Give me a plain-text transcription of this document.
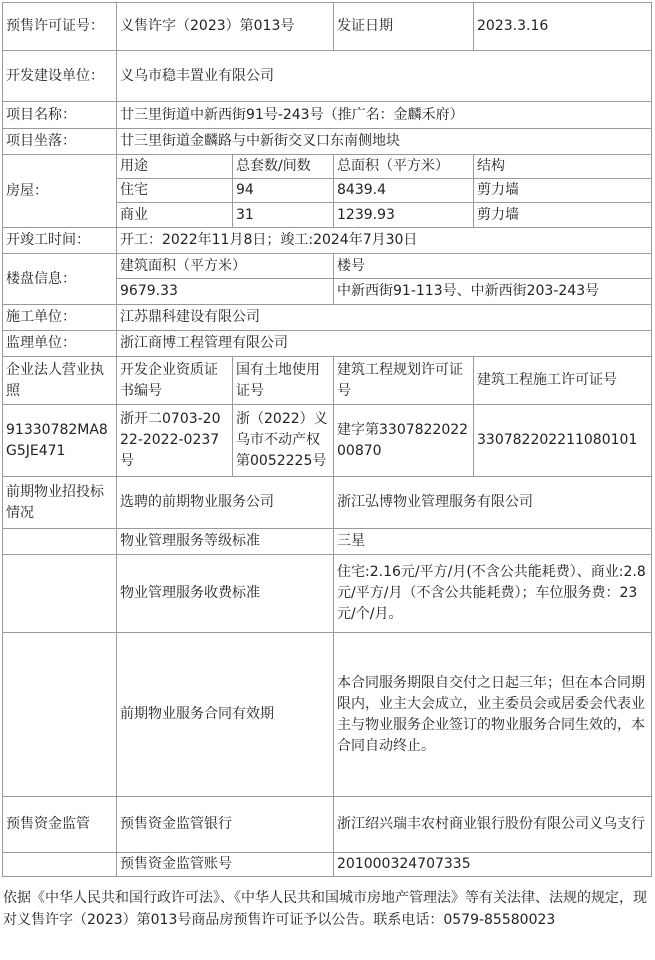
预售许可证号：	义售许字（2023）第013号		发证日期	2023.3.16
开发建设单位：	义乌市稳丰置业有限公司			
项目名称：	廿三里街道中新西街91号-243号（推广名：金麟禾府）			
项目坐落：	廿三里街道金麟路与中新街交叉口东南侧地块			
房屋：	用途	总套数/间数	总面积（平方米）	结构
	住宅	94	8439.4	剪力墙
	商业	31	1239.93	剪力墙
开竣工时间：	开工：2022年11月8日；竣工:2024年7月30日			
楼盘信息：	建筑面积（平方米）		楼号	
	9679.33		中新西街91-113号、中新西街203-243号	
施工单位：	江苏鼎科建设有限公司			
监理单位：	浙江商博工程管理有限公司			
企业法人营业执照	开发企业资质证书编号	国有土地使用证号	建筑工程规划许可证号	建筑工程施工许可证号
91330782MA8G5JE471	浙开二0703-2022-2022-0237号	浙（2022）义乌市不动产权第0052225号	建字第330782202200870	330782202211080101
前期物业招投标情况	选聘的前期物业服务公司		浙江弘博物业管理服务有限公司	
	物业管理服务等级标准		三星	
	物业管理服务收费标准		住宅:2.16元/平方/月(不含公共能耗费）、商业:2.8元/平方/月（不含公共能耗费）；车位服务费：23元/个/月。	
	前期物业服务合同有效期		本合同服务期限自交付之日起三年；但在本合同期限内，业主大会成立，业主委员会或居委会代表业主与物业服务企业签订的物业服务合同生效的，本合同自动终止。	
预售资金监管	预售资金监管银行		浙江绍兴瑞丰农村商业银行股份有限公司义乌支行	
	预售资金监管账号		201000324707335	
依据《中华人民共和国行政许可法》、《中华人民共和国城市房地产管理法》等有关法律、法规的规定，现对义售许字（2023）第013号商品房预售许可证予以公告。联系电话：0579-85580023
